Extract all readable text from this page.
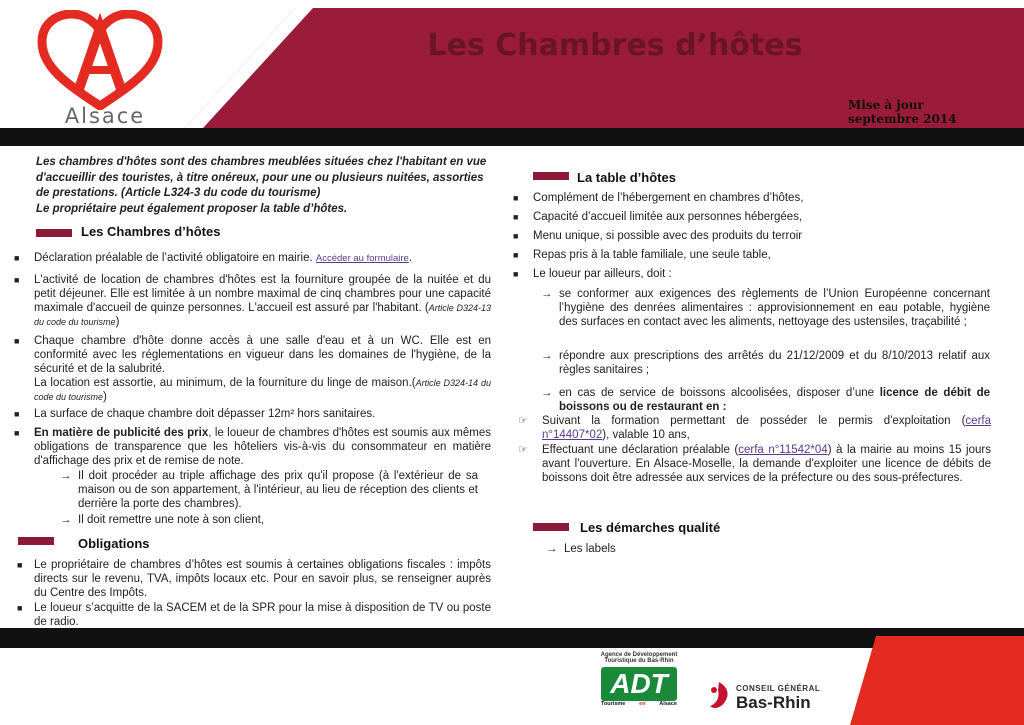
Alsace
Les Chambres d’hôtes
Mise à jour septembre 2014
Les chambres d'hôtes sont des chambres meublées situées chez l'habitant en vue d'accueillir des touristes, à titre onéreux, pour une ou plusieurs nuitées, assorties de prestations. (Article L324-3 du code du tourisme)
Le propriétaire peut également proposer la table d’hôtes.
Les Chambres d’hôtes
■ Déclaration préalable de l’activité obligatoire en mairie. Accéder au formulaire.
■ L'activité de location de chambres d'hôtes est la fourniture groupée de la nuitée et du petit déjeuner. Elle est limitée à un nombre maximal de cinq chambres pour une capacité maximale d'accueil de quinze personnes. L'accueil est assuré par l'habitant. (Article D324-13 du code du tourisme)
■ Chaque chambre d'hôte donne accès à une salle d'eau et à un WC. Elle est en conformité avec les réglementations en vigueur dans les domaines de l'hygiène, de la sécurité et de la salubrité.
La location est assortie, au minimum, de la fourniture du linge de maison.(Article D324-14 du code du tourisme)
■ La surface de chaque chambre doit dépasser 12m² hors sanitaires.
■ En matière de publicité des prix, le loueur de chambres d'hôtes est soumis aux mêmes obligations de transparence que les hôteliers vis-à-vis du consommateur en matière d'affichage des prix et de remise de note.
→ Il doit procéder au triple affichage des prix qu'il propose (à l'extérieur de sa maison ou de son appartement, à l'intérieur, au lieu de réception des clients et derrière la porte des chambres).
→ Il doit remettre une note à son client,
Obligations
■ Le propriétaire de chambres d’hôtes est soumis à certaines obligations fiscales : impôts directs sur le revenu, TVA, impôts locaux etc. Pour en savoir plus, se renseigner auprès du Centre des Impôts.
■ Le loueur s’acquitte de la SACEM et de la SPR pour la mise à disposition de TV ou poste de radio.
La table d’hôtes
■ Complément de l’hébergement en chambres d’hôtes,
■ Capacité d’accueil limitée aux personnes hébergées,
■ Menu unique, si possible avec des produits du terroir
■ Repas pris à la table familiale, une seule table,
■ Le loueur par ailleurs, doit :
→ se conformer aux exigences des règlements de l’Union Européenne concernant l’hygiène des denrées alimentaires : approvisionnement en eau potable, hygiène des surfaces en contact avec les aliments, nettoyage des ustensiles, traçabilité ;
→ répondre aux prescriptions des arrêtés du 21/12/2009 et du 8/10/2013 relatif aux règles sanitaires ;
→ en cas de service de boissons alcoolisées, disposer d’une licence de débit de boissons ou de restaurant en :
☞ Suivant la formation permettant de posséder le permis d'exploitation (cerfa n°14407*02), valable 10 ans,
☞ Effectuant une déclaration préalable (cerfa n°11542*04) à la mairie au moins 15 jours avant l'ouverture. En Alsace-Moselle, la demande d'exploiter une licence de débits de boissons doit être adressée aux services de la préfecture ou des sous-préfectures.
Les démarches qualité
→ Les labels
Agence de Développement
Touristique du Bas-Rhin
ADT
Tourisme en Alsace
CONSEIL GÉNÉRAL
Bas-Rhin
